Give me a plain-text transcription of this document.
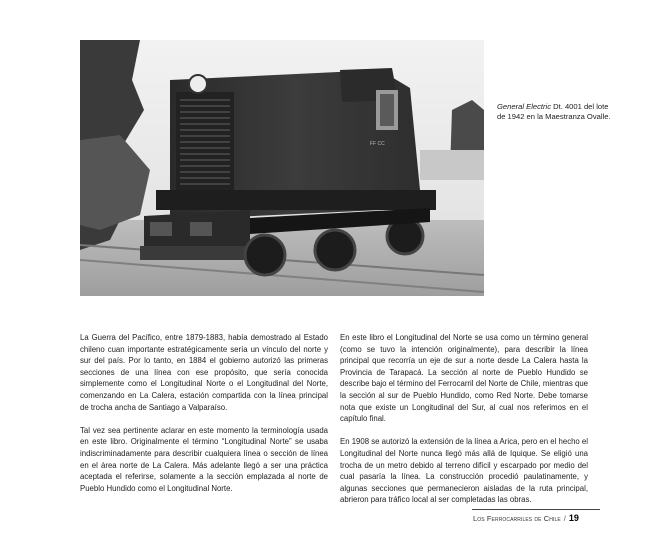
FF CC
General Electric Dt. 4001 del lote de 1942 en la Maestranza Ovalle.

La Guerra del Pacífico, entre 1879-1883, había demostrado al Estado chileno cuan importante estratégicamente sería un vínculo del norte y sur del país. Por lo tanto, en 1884 el gobierno autorizó las primeras secciones de una línea con ese propósito, que sería conocida simplemente como el Longitudinal Norte o el Longitudinal del Norte, comenzando en La Calera, estación compartida con la línea principal de trocha ancha de Santiago a Valparaíso.

Tal vez sea pertinente aclarar en este momento la terminología usada en este libro. Originalmente el término “Longitudinal Norte” se usaba indiscriminadamente para describir cualquiera línea o sección de línea en el área norte de La Calera. Más adelante llegó a ser una práctica aceptada el referirse, solamente a la sección emplazada al norte de Pueblo Hundido como el Longitudinal Norte.

En este libro el Longitudinal del Norte se usa como un término general (como se tuvo la intención originalmente), para describir la línea principal que recorría un eje de sur a norte desde La Calera hasta la Provincia de Tarapacá. La sección al norte de Pueblo Hundido se describe bajo el término del Ferrocarril del Norte de Chile, mientras que la sección al sur de Pueblo Hundido, como Red Norte. Debe tomarse nota que existe un Longitudinal del Sur, al cual nos referimos en el capítulo final.

En 1908 se autorizó la extensión de la línea a Arica, pero en el hecho el Longitudinal del Norte nunca llegó más allá de Iquique. Se eligió una trocha de un metro debido al terreno difícil y escarpado por medio del cual pasaría la línea. La construcción procedió paulatinamente, y algunas secciones que permanecieron aisladas de la ruta principal, abrieron para tráfico local al ser completadas las obras.

Los Ferrocarriles de Chile / 19
